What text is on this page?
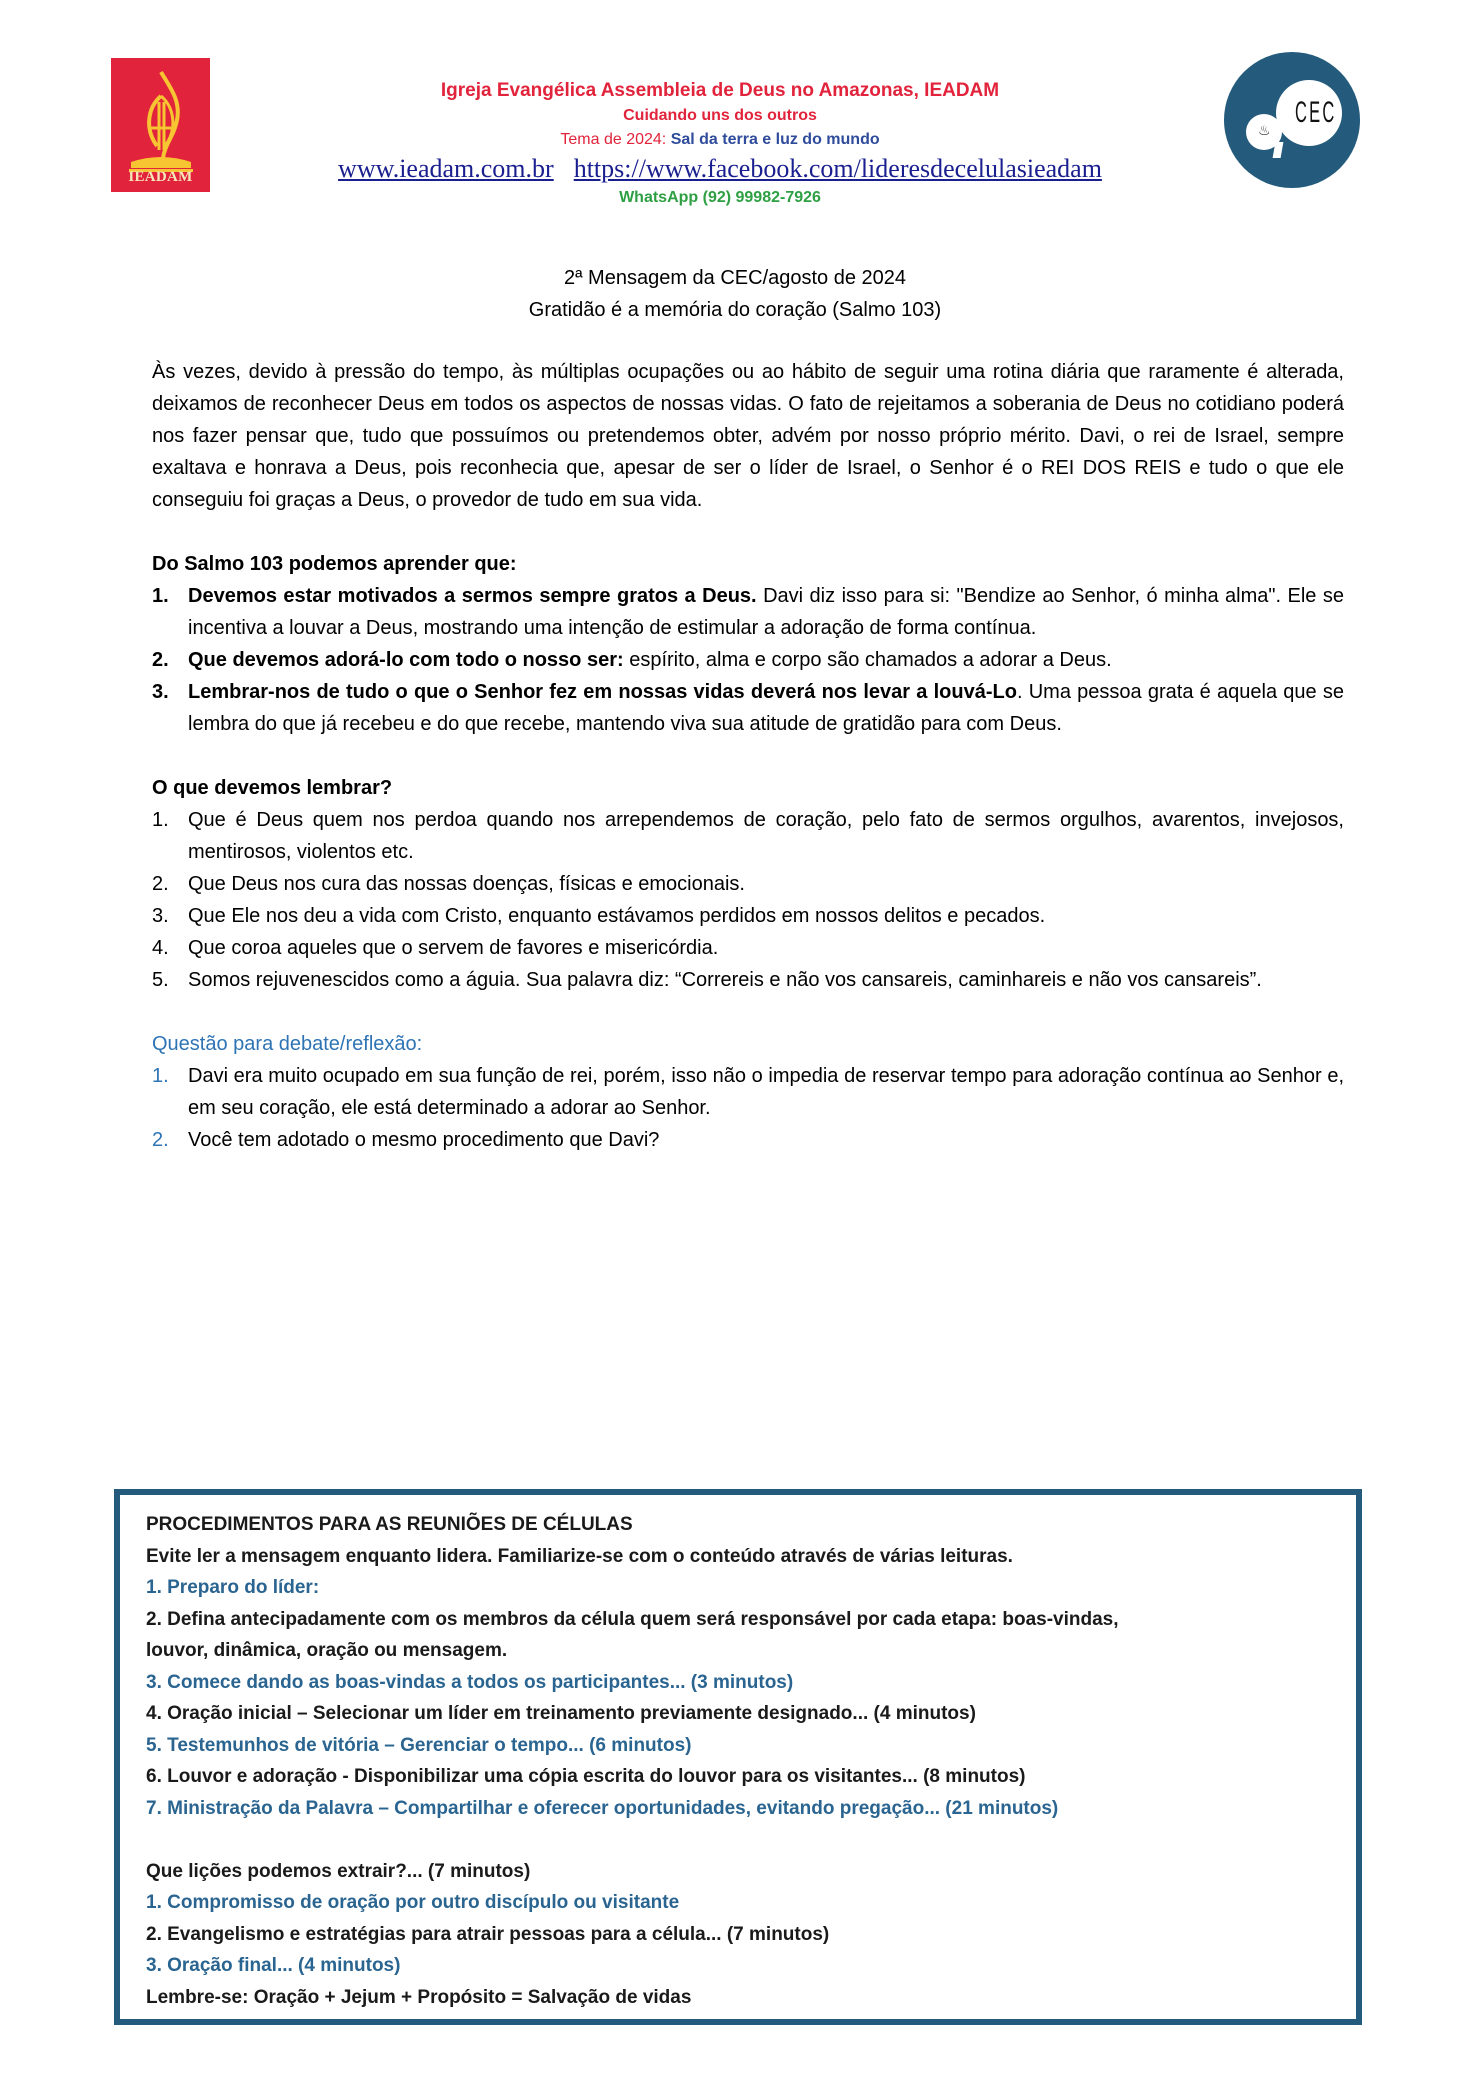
IEADAM
Igreja Evangélica Assembleia de Deus no Amazonas, IEADAM
Cuidando uns dos outros
Tema de 2024: Sal da terra e luz do mundo
www.ieadam.com.br https://www.facebook.com/lideresdecelulasieadam
WhatsApp (92) 99982-7926
♨
CEC
2ª Mensagem da CEC/agosto de 2024
Gratidão é a memória do coração (Salmo 103)

Às vezes, devido à pressão do tempo, às múltiplas ocupações ou ao hábito de seguir uma rotina diária que raramente é alterada, deixamos de reconhecer Deus em todos os aspectos de nossas vidas. O fato de rejeitamos a soberania de Deus no cotidiano poderá nos fazer pensar que, tudo que possuímos ou pretendemos obter, advém por nosso próprio mérito. Davi, o rei de Israel, sempre exaltava e honrava a Deus, pois reconhecia que, apesar de ser o líder de Israel, o Senhor é o REI DOS REIS e tudo o que ele conseguiu foi graças a Deus, o provedor de tudo em sua vida.

Do Salmo 103 podemos aprender que:
1. Devemos estar motivados a sermos sempre gratos a Deus. Davi diz isso para si: "Bendize ao Senhor, ó minha alma". Ele se incentiva a louvar a Deus, mostrando uma intenção de estimular a adoração de forma contínua.
2. Que devemos adorá-lo com todo o nosso ser: espírito, alma e corpo são chamados a adorar a Deus.
3. Lembrar-nos de tudo o que o Senhor fez em nossas vidas deverá nos levar a louvá-Lo. Uma pessoa grata é aquela que se lembra do que já recebeu e do que recebe, mantendo viva sua atitude de gratidão para com Deus.
O que devemos lembrar?
1. Que é Deus quem nos perdoa quando nos arrependemos de coração, pelo fato de sermos orgulhos, avarentos, invejosos, mentirosos, violentos etc.
2. Que Deus nos cura das nossas doenças, físicas e emocionais.
3. Que Ele nos deu a vida com Cristo, enquanto estávamos perdidos em nossos delitos e pecados.
4. Que coroa aqueles que o servem de favores e misericórdia.
5. Somos rejuvenescidos como a águia. Sua palavra diz: “Correreis e não vos cansareis, caminhareis e não vos cansareis”.
Questão para debate/reflexão:
1. Davi era muito ocupado em sua função de rei, porém, isso não o impedia de reservar tempo para adoração contínua ao Senhor e, em seu coração, ele está determinado a adorar ao Senhor.
2. Você tem adotado o mesmo procedimento que Davi?
PROCEDIMENTOS PARA AS REUNIÕES DE CÉLULAS
Evite ler a mensagem enquanto lidera. Familiarize-se com o conteúdo através de várias leituras.
1. Preparo do líder:
2. Defina antecipadamente com os membros da célula quem será responsável por cada etapa: boas-vindas,
louvor, dinâmica, oração ou mensagem.
3. Comece dando as boas-vindas a todos os participantes... (3 minutos)
4. Oração inicial – Selecionar um líder em treinamento previamente designado... (4 minutos)
5. Testemunhos de vitória – Gerenciar o tempo... (6 minutos)
6. Louvor e adoração - Disponibilizar uma cópia escrita do louvor para os visitantes... (8 minutos)
7. Ministração da Palavra – Compartilhar e oferecer oportunidades, evitando pregação... (21 minutos)
Que lições podemos extrair?... (7 minutos)
1. Compromisso de oração por outro discípulo ou visitante
2. Evangelismo e estratégias para atrair pessoas para a célula... (7 minutos)
3. Oração final... (4 minutos)
Lembre-se: Oração + Jejum + Propósito = Salvação de vidas
